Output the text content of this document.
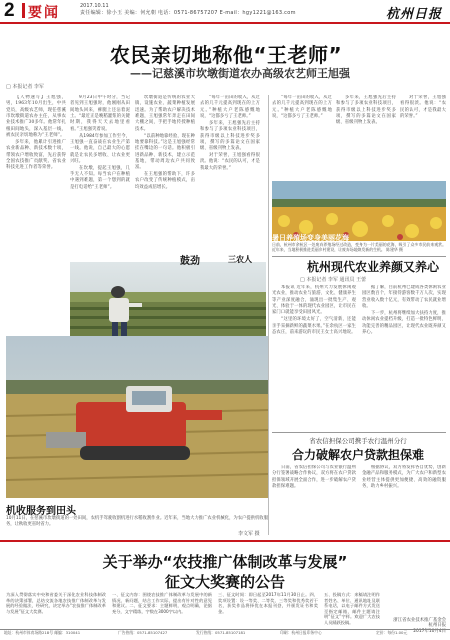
2 要闻	2017.10.11
责任编辑：徐小玉 美编：何允朝 电话：0571-86757207 E-mail：hgy1221@163.com	杭州日报
农民亲切地称他“王老师”
——记慈溪市坎墩街道农办高级农艺师王旭强
□ 本报记者 李军

【人物速写】王旭强，男，1963年10月出生，中共党员，高级农艺师，现任慈溪市坎墩街道农办主任，从事农业技术推广30多年。他常年扎根田间地头，深入基层一线，被农民亲切地称为“王老师”。

多年来，他累计引进推广农业新品种、新技术数十项，带领农户增收致富，先后获得全国农技推广贡献奖、省农业科技先进工作者等荣誉。

9月23日中午时分，当记者见到王旭强时，他刚刚从田间地头回来，裤腿上还沾着泥土。“最近正是晚稻灌浆的关键时期，我得天天去地里看看。”王旭强笑着说。

从1984年参加工作至今，王旭强一直奋战在农业生产第一线。他说，自己最大的心愿就是让农民多增收、让农业更兴旺。

在坎墩，提起王旭强，几乎无人不知。每当农户在种植中遇到难题，第一个想到的就是打电话给“王老师”。

坎墩街道是传统的农业大镇，设施农业、蔬菜种植发展迅速。为了帮助农户解决技术难题，王旭强常年奔走在田间大棚之间，手把手地传授种植技术。

“以前种地靠经验，现在种地要靠科技。”这是王旭强经常挂在嘴边的一句话。他积极引进新品种、新技术，建立示范基地，带动周边农户共同致富。

在王旭强的帮助下，许多农户改变了传统种植模式，亩均效益成倍增长。

“每年一亩田的收入，从过去的几千元提高到现在的上万元。”种植大户老陈感慨地说，“这都多亏了王老师。”

多年来，王旭强先后主持和参与了多项农业科技项目，获得市级以上科技进步奖多项，撰写的多篇论文在国家级、省级刊物上发表。

对于荣誉，王旭强看得很淡。他说：“农民的认可，才是我最大的荣誉。”

鼓劲	三农人
机收服务到田头
10月11日，在慈溪市坎墩街道的一处田间，农机手驾驶收割机进行水稻收割作业。近年来，当地大力推广农业机械化，为农户提供机收服务，让秋收更省时省力。
李文军 摄

“每年一亩田的收入，从过去的几千元提高到现在的上万元。”种植大户老陈感慨地说，“这都多亏了王老师。”

多年来，王旭强先后主持和参与了多项农业科技项目，获得市级以上科技进步奖多项，撰写的多篇论文在国家级、省级刊物上发表。

对于荣誉，王旭强看得很淡。他说：“农民的认可，才是我最大的荣誉。”

暑日养殖场变身美丽花海
日前，杭州市余杭区一处废弃养殖场经过改造，变身为一片美丽的花海，吸引了众多市民前来观赏。近年来，当地积极推进美丽乡村建设，让废弃场地焕发新的生机。 陈建华 摄
杭州现代农业养颜又养心
□ 本报记者 李军 通讯员 王蕾

本报讯 近年来，杭州大力发展休闲观光农业，推动农业与旅游、文化、健康养生等产业深度融合，涌现出一批集生产、观光、体验于一体的现代农业园区，让市民在家门口就能享受田园风光。

“这里的环境太好了，空气清新，还能亲手采摘新鲜的蔬菜水果。”在余杭区一家生态农庄，前来游玩的市民王女士高兴地说。

据了解，目前杭州已建成各类休闲农业园区数百个，年接待游客数千万人次，实现营业收入数十亿元，有效带动了农民就业增收。

下一步，杭州将继续加大扶持力度，推动休闲农业提档升级，打造一批特色鲜明、功能完善的精品园区，让现代农业既养颜又养心。

省农信担保公司携手农行温州分行
合力破解农户贷款担保难

日前，省农信担保公司与农业银行温州分行签署战略合作协议，双方将在农户贷款担保领域开展全面合作，进一步破解农户贷款担保难题。

根据协议，双方将发挥各自优势，创新金融产品和服务模式，为广大农户和新型农业经营主体提供更加便捷、高效的融资服务，助力乡村振兴。

关于举办“农技推广体制改革与发展”
征文大奖赛的公告
为深入贯彻落实中央和省委关于深化农业科技体制改革的决策部署，总结交流各地农技推广体制改革与发展的经验做法，经研究，决定举办“农技推广体制改革与发展”征文大奖赛。
一、征文内容：围绕农技推广体制改革与发展中的新情况、新问题，结合工作实际，提出有针对性的意见和建议。二、征文要求：主题鲜明，观点明确，论据充分，文字精练，字数在3000字以内。
三、征文时间：即日起至2017年11月30日止。四、奖项设置：设一等奖、二等奖、三等奖和优秀奖若干名，获奖作品将择优在本报刊登，并颁发证书和奖金。
五、投稿方式：来稿请注明作者姓名、单位、通讯地址及联系电话，以电子邮件方式发送至指定邮箱，邮件主题请注明“征文”字样。欢迎广大农技人员踊跃投稿。	浙江省农业技术推广基金会
杭州日报
2017年10月4日
地址：杭州市体育场路218号 邮编：310041	广告热线：0571-85107427	发行热线：0571-85107181	印刷：杭州日报印务中心	定价：每份1.00元
